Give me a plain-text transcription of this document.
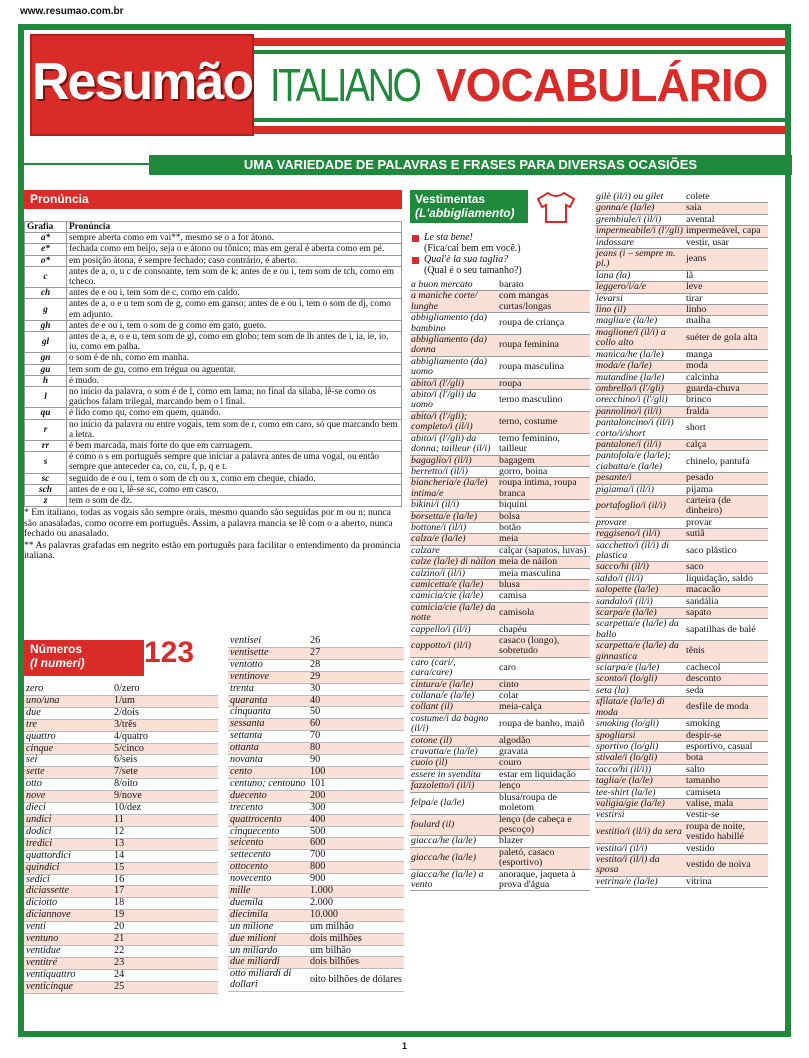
www.resumao.com.br
Resumão ITALIANO VOCABULÁRIO
UMA VARIEDADE DE PALAVRAS E FRASES PARA DIVERSAS OCASIÕES
Pronúncia
Grafia	Pronúncia
a*	sempre aberta como em vai**, mesmo se o a for átono.
e*	fechada como em beijo, seja o e átono ou tônico; mas em geral é aberta como em pé.
o*	em posição átona, é sempre fechado; caso contrário, é aberto.
c	antes de a, o, u c de consoante, tem som de k; antes de e ou i, tem som de tch, como em tcheco.
ch	antes de e ou i, tem som de c, como em caldo.
g	antes de a, o e u tem som de g, como em ganso; antes de e ou i, tem o som de dj, como em adjunto.
gh	antes de e ou i, tem o som de g como em gato, gueto.
gl	antes de a, e, o e u, tem som de gl, como em globo; tem som de lh antes de i, ia, ie, io, iu, como em palha.
gn	o som é de nh, como em manha.
gu	tem som de gu, como em trégua ou aguentar.
h	é mudo.
l	no início da palavra, o som é de l, como em lama; no final da sílaba, lê-se como os gaúchos falam trilegal, marcando bem o l final.
qu	é lido como qu, como em quem, quando.
r	no início da palavra ou entre vogais, tem som de r, como em caro, só que marcando bem a letra.
rr	é bem marcada, mais forte do que em carruagem.
s	é como o s em português sempre que iniciar a palavra antes de uma vogal, ou então sempre que anteceder ca, co, cu, f, p, q e t.
sc	seguido de e ou i, tem o som de ch ou x, como em cheque, chiado.
sch	antes de e ou i, lê-se sc, como em casco.
z	tem o som de dz.
* Em italiano, todas as vogais são sempre orais, mesmo quando são seguidas por m ou n; nunca são anasaladas, como ocorre em português. Assim, a palavra mancia se lê com o a aberto, nunca fechado ou anasalado.
** As palavras grafadas em negrito estão em português para facilitar o entendimento da pronúncia italiana.
Números
(I numeri)	123
zero	0/zero
uno/una	1/um
due	2/dois
tre	3/três
quattro	4/quatro
cinque	5/cinco
sei	6/seis
sette	7/sete
otto	8/oito
nove	9/nove
dieci	10/dez
undici	11
dodici	12
tredici	13
quattordici	14
quindici	15
sedici	16
diciassette	17
diciotto	18
diciannove	19
venti	20
ventuno	21
ventidue	22
ventitré	23
ventiquattro	24
venticinque	25
ventisei	26
ventisette	27
ventotto	28
ventinove	29
trenta	30
quaranta	40
cinquanta	50
sessanta	60
settanta	70
ottanta	80
novanta	90
cento	100
centuno; centouno	101
duecento	200
trecento	300
quattrocento	400
cinquecento	500
seicento	600
settecento	700
ottocento	800
novecento	900
mille	1.000
duemila	2.000
diecimila	10.000
un milione	um milhão
due milioni	dois milhões
un miliardo	um bilhão
due miliardi	dois bilhões
otto miliardi di dollari	oito bilhões de dólares
Vestimentas
(L'abbigliamento)
Le sta bene!
(Fica/cai bem em você.)
Qual'è la sua taglia?
(Qual é o seu tamanho?)
a buon mercato	barato
a maniche corte/ lunghe	com mangas curtas/longas
abbigliamento (da) bambino	roupa de criança
abbigliamento (da) donna	roupa feminina
abbigliamento (da) uomo	roupa masculina
abito/i (l'/gli)	roupa
abito/i (l'/gli) da uomo	terno masculino
abito/i (l'/gli); completo/i (il/i)	terno, costume
abito/i (l'/gli) da donna; tailleur (il/i)	terno feminino, tailleur
bagaglio/i (il/i)	bagagem
berretto/i (il/i)	gorro, boina
biancheria/e (la/le) intima/e	roupa íntima, roupa branca
bikini/i (il/i)	biquíni
borsetta/e (la/le)	bolsa
bottone/i (il/i)	botão
calza/e (la/le)	meia
calzare	calçar (sapatos, luvas)
calze (la/le) di nàilon	meia de náilon
calzino/i (il/i)	meia masculina
camicetta/e (la/le)	blusa
camicia/cie (la/le)	camisa
camicia/cie (la/le) da notte	camisola
cappello/i (il/i)	chapéu
cappotto/i (il/i)	casaco (longo), sobretudo
caro (cari/, cara/care)	caro
cintura/e (la/le)	cinto
collana/e (la/le)	colar
collant (il)	meia-calça
costume/i da bagno (il/i)	roupa de banho, maiô
cotone (il)	algodão
cravatta/e (la/le)	gravata
cuoio (il)	couro
essere in svendita	estar em liquidação
fazzoletto/i (il/i)	lenço
felpa/e (la/le)	blusa/roupa de moletom
foulard (il)	lenço (de cabeça e pescoço)
giacca/he (la/le)	blazer
giacca/he (la/le)	paletó, casaco (esportivo)
giacca/he (la/le) a vento	anoraque, jaqueta à prova d'água
gilè (il/i) ou gilet	colete
gonna/e (la/le)	saia
grembiule/i (il/i)	avental
impermeabile/i (l'/gli)	impermeável, capa
indossare	vestir, usar
jeans (i – sempre m. pl.)	jeans
lana (la)	lã
leggero/i/a/e	leve
levarsi	tirar
lino (il)	linho
maglia/e (la/le)	malha
maglione/i (il/i) a collo alto	suéter de gola alta
manica/he (la/le)	manga
moda/e (la/le)	moda
mutandine (la/le)	calcinha
ombrello/i (l'/gli)	guarda-chuva
orecchino/i (l'/gli)	brinco
pannolino/i (il/i)	fralda
pantaloncino/i (il/i) corto/i/short	short
pantalone/i (il/i)	calça
pantofola/e (la/le); ciabatta/e (la/le)	chinelo, pantufa
pesante/i	pesado
pigiama/i (il/i)	pijama
portafoglio/i (il/i)	carteira (de dinheiro)
provare	provar
reggiseno/i (il/i)	sutiã
sacchetto/i (il/i) di plastica	saco plástico
sacco/hi (il/i)	saco
saldo/i (il/i)	liquidação, saldo
salopette (la/le)	macacão
sandalo/i (il/i)	sandália
scarpa/e (la/le)	sapato
scarpetta/e (la/le) da ballo	sapatilhas de balé
scarpetta/e (la/le) da ginnastica	tênis
sciarpa/e (la/le)	cachecol
sconto/i (lo/gli)	desconto
seta (la)	seda
sfilata/e (la/le) di moda	desfile de moda
smoking (lo/gli)	smoking
spogliarsi	despir-se
sportivo (lo/gli)	esportivo, casual
stivale/i (lo/gli)	bota
tacco/hi (il/i))	salto
taglia/e (la/le)	tamanho
tee-shirt (la/le)	camiseta
valigia/gie (la/le)	valise, mala
vestirsi	vestir-se
vestitio/i (il/i) da sera	roupa de noite, vestido habillé
vestito/i (il/i)	vestido
vestito/i (il/i) da sposa	vestido de noiva
vetrina/e (la/le)	vitrina
1
